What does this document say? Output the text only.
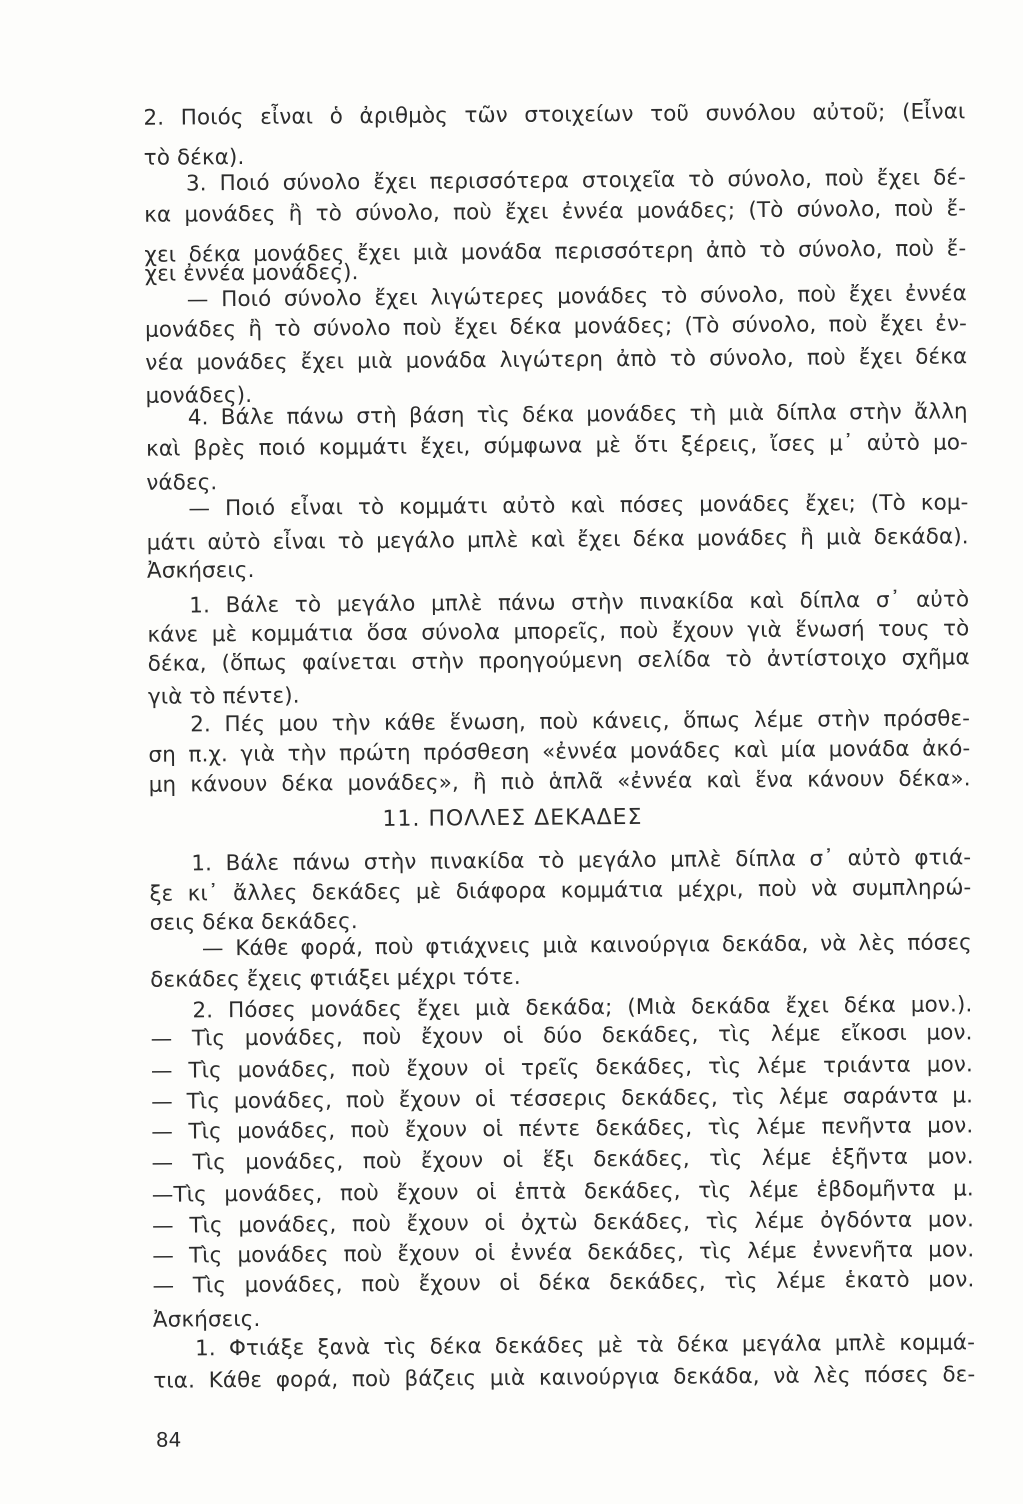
2. Ποιός εἶναι ὁ ἀριθμὸς τῶν στοιχείων τοῦ συνόλου αὐτοῦ; (Εἶναι
τὸ δέκα).
3. Ποιό σύνολο ἔχει περισσότερα στοιχεῖα τὸ σύνολο, ποὺ ἔχει δέ-
κα μονάδες ἢ τὸ σύνολο, ποὺ ἔχει ἐννέα μονάδες; (Τὸ σύνολο, ποὺ ἔ-
χει δέκα μονάδες ἔχει μιὰ μονάδα περισσότερη ἀπὸ τὸ σύνολο, ποὺ ἔ-
χει ἐννέα μονάδες).
— Ποιό σύνολο ἔχει λιγώτερες μονάδες τὸ σύνολο, ποὺ ἔχει ἐννέα
μονάδες ἢ τὸ σύνολο ποὺ ἔχει δέκα μονάδες; (Τὸ σύνολο, ποὺ ἔχει ἐν-
νέα μονάδες ἔχει μιὰ μονάδα λιγώτερη ἀπὸ τὸ σύνολο, ποὺ ἔχει δέκα
μονάδες).
4. Βάλε πάνω στὴ βάση τὶς δέκα μονάδες τὴ μιὰ δίπλα στὴν ἄλλη
καὶ βρὲς ποιό κομμάτι ἔχει, σύμφωνα μὲ ὅτι ξέρεις, ἴσες μ᾽ αὐτὸ μο-
νάδες.
— Ποιό εἶναι τὸ κομμάτι αὐτὸ καὶ πόσες μονάδες ἔχει; (Τὸ κομ-
μάτι αὐτὸ εἶναι τὸ μεγάλο μπλὲ καὶ ἔχει δέκα μονάδες ἢ μιὰ δεκάδα).
Ἀσκήσεις.
1. Βάλε τὸ μεγάλο μπλὲ πάνω στὴν πινακίδα καὶ δίπλα σ᾽ αὐτὸ
κάνε μὲ κομμάτια ὅσα σύνολα μπορεῖς, ποὺ ἔχουν γιὰ ἕνωσή τους τὸ
δέκα, (ὅπως φαίνεται στὴν προηγούμενη σελίδα τὸ ἀντίστοιχο σχῆμα
γιὰ τὸ πέντε).
2. Πές μου τὴν κάθε ἕνωση, ποὺ κάνεις, ὅπως λέμε στὴν πρόσθε-
ση π.χ. γιὰ τὴν πρώτη πρόσθεση «ἐννέα μονάδες καὶ μία μονάδα ἀκό-
μη κάνουν δέκα μονάδες», ἢ πιὸ ἁπλᾶ «ἐννέα καὶ ἕνα κάνουν δέκα».
11. ΠΟΛΛΕΣ ΔΕΚΑΔΕΣ
1. Βάλε πάνω στὴν πινακίδα τὸ μεγάλο μπλὲ δίπλα σ᾽ αὐτὸ φτιά-
ξε κι᾽ ἄλλες δεκάδες μὲ διάφορα κομμάτια μέχρι, ποὺ νὰ συμπληρώ-
σεις δέκα δεκάδες.
— Κάθε φορά, ποὺ φτιάχνεις μιὰ καινούργια δεκάδα, νὰ λὲς πόσες
δεκάδες ἔχεις φτιάξει μέχρι τότε.
2. Πόσες μονάδες ἔχει μιὰ δεκάδα; (Μιὰ δεκάδα ἔχει δέκα μον.).
— Τὶς μονάδες, ποὺ ἔχουν οἱ δύο δεκάδες, τὶς λέμε εἴκοσι μον.
— Τὶς μονάδες, ποὺ ἔχουν οἱ τρεῖς δεκάδες, τὶς λέμε τριάντα μον.
— Τὶς μονάδες, ποὺ ἔχουν οἱ τέσσερις δεκάδες, τὶς λέμε σαράντα μ.
— Τὶς μονάδες, ποὺ ἔχουν οἱ πέντε δεκάδες, τὶς λέμε πενῆντα μον.
— Τὶς μονάδες, ποὺ ἔχουν οἱ ἕξι δεκάδες, τὶς λέμε ἑξῆντα μον.
—Τὶς μονάδες, ποὺ ἔχουν οἱ ἑπτὰ δεκάδες, τὶς λέμε ἑβδομῆντα μ.
— Τὶς μονάδες, ποὺ ἔχουν οἱ ὀχτὼ δεκάδες, τὶς λέμε ὀγδόντα μον.
— Τὶς μονάδες ποὺ ἔχουν οἱ ἐννέα δεκάδες, τὶς λέμε ἐννενῆτα μον.
— Τὶς μονάδες, ποὺ ἔχουν οἱ δέκα δεκάδες, τὶς λέμε ἑκατὸ μον.
Ἀσκήσεις.
1. Φτιάξε ξανὰ τὶς δέκα δεκάδες μὲ τὰ δέκα μεγάλα μπλὲ κομμά-
τια. Κάθε φορά, ποὺ βάζεις μιὰ καινούργια δεκάδα, νὰ λὲς πόσες δε-
84
